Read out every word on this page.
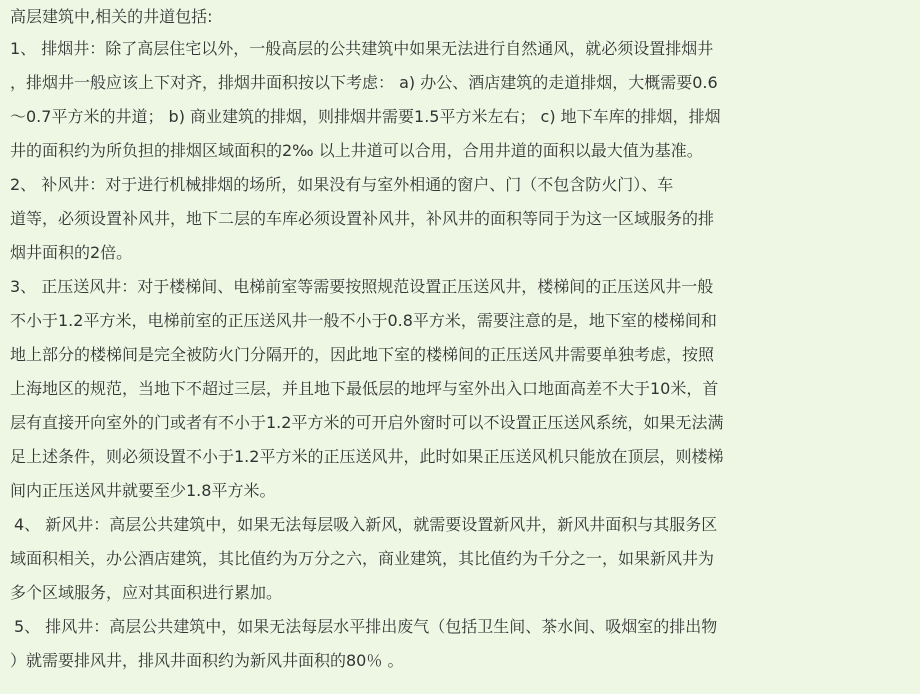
高层建筑中,相关的井道包括:
1、 排烟井：除了高层住宅以外，一般高层的公共建筑中如果无法进行自然通风，就必须设置排烟井
，排烟井一般应该上下对齐，排烟井面积按以下考虑： a) 办公、酒店建筑的走道排烟，大概需要0.6
～0.7平方米的井道； b) 商业建筑的排烟，则排烟井需要1.5平方米左右； c) 地下车库的排烟，排烟
井的面积约为所负担的排烟区域面积的2‰ 以上井道可以合用，合用井道的面积以最大值为基准。
2、 补风井：对于进行机械排烟的场所，如果没有与室外相通的窗户、门（不包含防火门）、车
道等，必须设置补风井，地下二层的车库必须设置补风井，补风井的面积等同于为这一区域服务的排
烟井面积的2倍。
3、 正压送风井：对于楼梯间、电梯前室等需要按照规范设置正压送风井，楼梯间的正压送风井一般
不小于1.2平方米，电梯前室的正压送风井一般不小于0.8平方米，需要注意的是，地下室的楼梯间和
地上部分的楼梯间是完全被防火门分隔开的，因此地下室的楼梯间的正压送风井需要单独考虑，按照
上海地区的规范，当地下不超过三层，并且地下最低层的地坪与室外出入口地面高差不大于10米，首
层有直接开向室外的门或者有不小于1.2平方米的可开启外窗时可以不设置正压送风系统，如果无法满
足上述条件，则必须设置不小于1.2平方米的正压送风井，此时如果正压送风机只能放在顶层，则楼梯
间内正压送风井就要至少1.8平方米。
4、 新风井：高层公共建筑中，如果无法每层吸入新风，就需要设置新风井，新风井面积与其服务区
域面积相关，办公酒店建筑，其比值约为万分之六，商业建筑，其比值约为千分之一，如果新风井为
多个区域服务，应对其面积进行累加。
5、 排风井：高层公共建筑中，如果无法每层水平排出废气（包括卫生间、茶水间、吸烟室的排出物
）就需要排风井，排风井面积约为新风井面积的80％ 。
